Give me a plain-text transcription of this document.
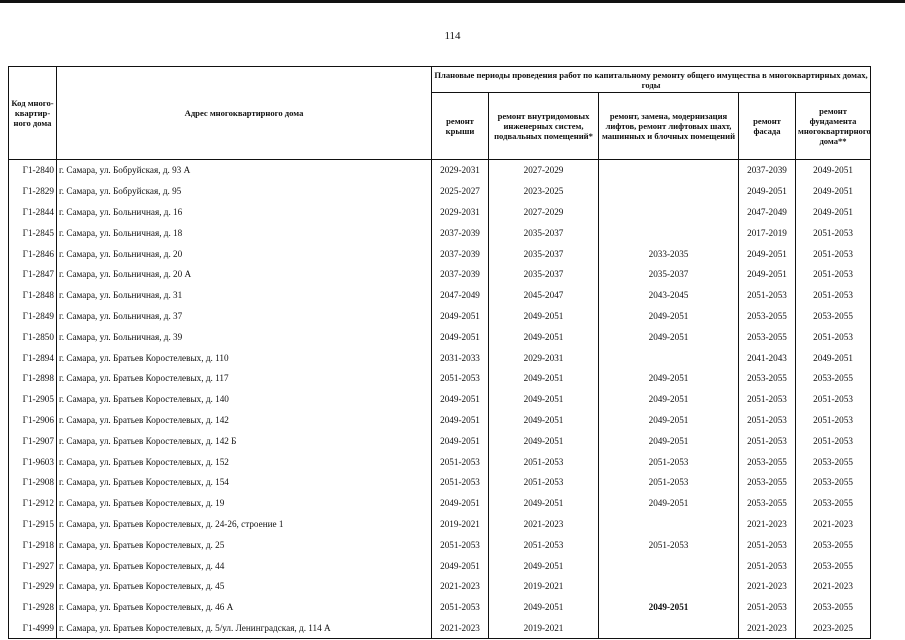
114
Код много-квартир-ного дома	Адрес многоквартирного дома	Плановые периоды проведения работ по капитальному ремонту общего имущества в многоквартирных домах, годы				
		ремонт крыши	ремонт внутридомовых инженерных систем, подвальных помещений*	ремонт, замена, модернизация лифтов, ремонт лифтовых шахт, машинных и блочных помещений	ремонт фасада	ремонт фундамента многоквартирного дома**
Г1-2840	г. Самара, ул. Бобруйская, д. 93 А	2029-2031	2027-2029		2037-2039	2049-2051
Г1-2829	г. Самара, ул. Бобруйская, д. 95	2025-2027	2023-2025		2049-2051	2049-2051
Г1-2844	г. Самара, ул. Больничная, д. 16	2029-2031	2027-2029		2047-2049	2049-2051
Г1-2845	г. Самара, ул. Больничная, д. 18	2037-2039	2035-2037		2017-2019	2051-2053
Г1-2846	г. Самара, ул. Больничная, д. 20	2037-2039	2035-2037	2033-2035	2049-2051	2051-2053
Г1-2847	г. Самара, ул. Больничная, д. 20 А	2037-2039	2035-2037	2035-2037	2049-2051	2051-2053
Г1-2848	г. Самара, ул. Больничная, д. 31	2047-2049	2045-2047	2043-2045	2051-2053	2051-2053
Г1-2849	г. Самара, ул. Больничная, д. 37	2049-2051	2049-2051	2049-2051	2053-2055	2053-2055
Г1-2850	г. Самара, ул. Больничная, д. 39	2049-2051	2049-2051	2049-2051	2053-2055	2051-2053
Г1-2894	г. Самара, ул. Братьев Коростелевых, д. 110	2031-2033	2029-2031		2041-2043	2049-2051
Г1-2898	г. Самара, ул. Братьев Коростелевых, д. 117	2051-2053	2049-2051	2049-2051	2053-2055	2053-2055
Г1-2905	г. Самара, ул. Братьев Коростелевых, д. 140	2049-2051	2049-2051	2049-2051	2051-2053	2051-2053
Г1-2906	г. Самара, ул. Братьев Коростелевых, д. 142	2049-2051	2049-2051	2049-2051	2051-2053	2051-2053
Г1-2907	г. Самара, ул. Братьев Коростелевых, д. 142 Б	2049-2051	2049-2051	2049-2051	2051-2053	2051-2053
Г1-9603	г. Самара, ул. Братьев Коростелевых, д. 152	2051-2053	2051-2053	2051-2053	2053-2055	2053-2055
Г1-2908	г. Самара, ул. Братьев Коростелевых, д. 154	2051-2053	2051-2053	2051-2053	2053-2055	2053-2055
Г1-2912	г. Самара, ул. Братьев Коростелевых, д. 19	2049-2051	2049-2051	2049-2051	2053-2055	2053-2055
Г1-2915	г. Самара, ул. Братьев Коростелевых, д. 24-26, строение 1	2019-2021	2021-2023		2021-2023	2021-2023
Г1-2918	г. Самара, ул. Братьев Коростелевых, д. 25	2051-2053	2051-2053	2051-2053	2051-2053	2053-2055
Г1-2927	г. Самара, ул. Братьев Коростелевых, д. 44	2049-2051	2049-2051		2051-2053	2053-2055
Г1-2929	г. Самара, ул. Братьев Коростелевых, д. 45	2021-2023	2019-2021		2021-2023	2021-2023
Г1-2928	г. Самара, ул. Братьев Коростелевых, д. 46 А	2051-2053	2049-2051	2049-2051	2051-2053	2053-2055
Г1-4999	г. Самара, ул. Братьев Коростелевых, д. 5/ул. Ленинградская, д. 114 А	2021-2023	2019-2021		2021-2023	2023-2025
